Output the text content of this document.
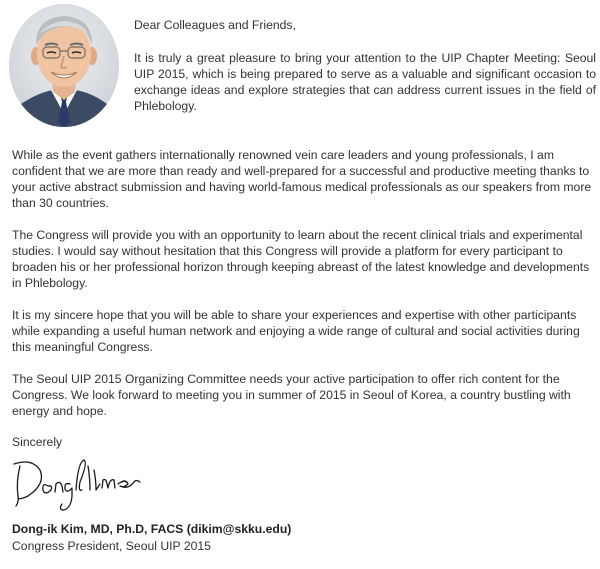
Dear Colleagues and Friends,

It is truly a great pleasure to bring your attention to the UIP Chapter Meeting: Seoul UIP 2015, which is being prepared to serve as a valuable and significant occasion to exchange ideas and explore strategies that can address current issues in the field of Phlebology.

While as the event gathers internationally renowned vein care leaders and young professionals, I am confident that we are more than ready and well-prepared for a successful and productive meeting thanks to your active abstract submission and having world-famous medical professionals as our speakers from more than 30 countries.

The Congress will provide you with an opportunity to learn about the recent clinical trials and experimental studies. I would say without hesitation that this Congress will provide a platform for every participant to broaden his or her professional horizon through keeping abreast of the latest knowledge and developments in Phlebology.

It is my sincere hope that you will be able to share your experiences and expertise with other participants while expanding a useful human network and enjoying a wide range of cultural and social activities during this meaningful Congress.

The Seoul UIP 2015 Organizing Committee needs your active participation to offer rich content for the Congress. We look forward to meeting you in summer of 2015 in Seoul of Korea, a country bustling with energy and hope.

Sincerely

Dong-ik Kim, MD, Ph.D, FACS (dikim@skku.edu)

Congress President, Seoul UIP 2015
